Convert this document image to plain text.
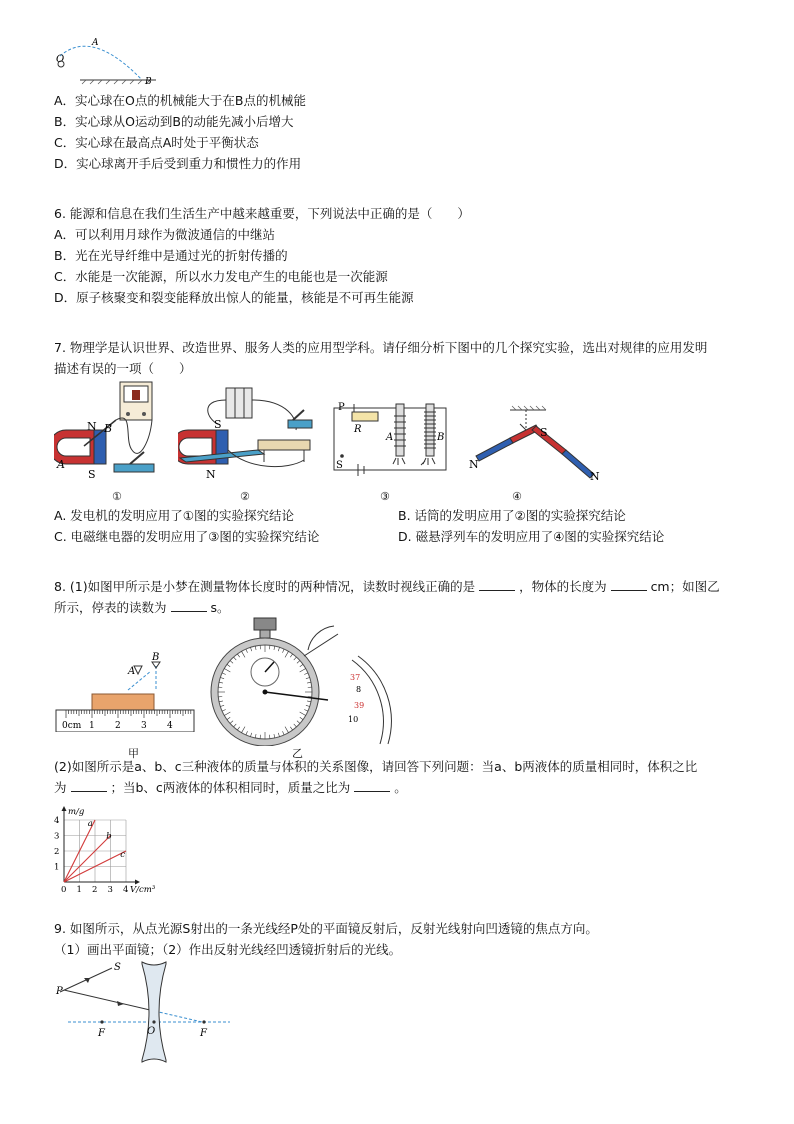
O
A
B
A．实心球在O点的机械能大于在B点的机械能
B．实心球从O运动到B的动能先减小后增大
C．实心球在最高点A时处于平衡状态
D．实心球离开手后受到重力和惯性力的作用
6. 能源和信息在我们生活生产中越来越重要，下列说法中正确的是（　　）
A．可以利用月球作为微波通信的中继站
B．光在光导纤维中是通过光的折射传播的
C．水能是一次能源，所以水力发电产生的电能也是一次能源
D．原子核聚变和裂变能释放出惊人的能量，核能是不可再生能源
7. 物理学是认识世界、改造世界、服务人类的应用型学科。请仔细分析下图中的几个探究实验，选出对规律的应用发明
描述有误的一项（　　）
N B
A
S
S
N
P
R
S
A	B	S
N
N
①	②	③	④
A. 发电机的发明应用了①图的实验探究结论	B. 话筒的发明应用了②图的实验探究结论
C. 电磁继电器的发明应用了③图的实验探究结论	D. 磁悬浮列车的发明应用了④图的实验探究结论
8. (1)如图甲所示是小梦在测量物体长度时的两种情况，读数时视线正确的是	，物体的长度为	cm；如图乙
所示，停表的读数为	s。
A
B
0cm 1 2 3 4
37
8
39
10
甲	乙
(2)如图所示是a、b、c三种液体的质量与体积的关系图像，请回答下列问题：当a、b两液体的质量相同时，体积之比
为	；当b、c两液体的体积相同时，质量之比为	。
0 1 2 3 4
1
2
3
4
m/g
V/cm³
a
b
c
9. 如图所示，从点光源S射出的一条光线经P处的平面镜反射后，反射光线射向凹透镜的焦点方向。
（1）画出平面镜；（2）作出反射光线经凹透镜折射后的光线。
S
P
F	O	F
